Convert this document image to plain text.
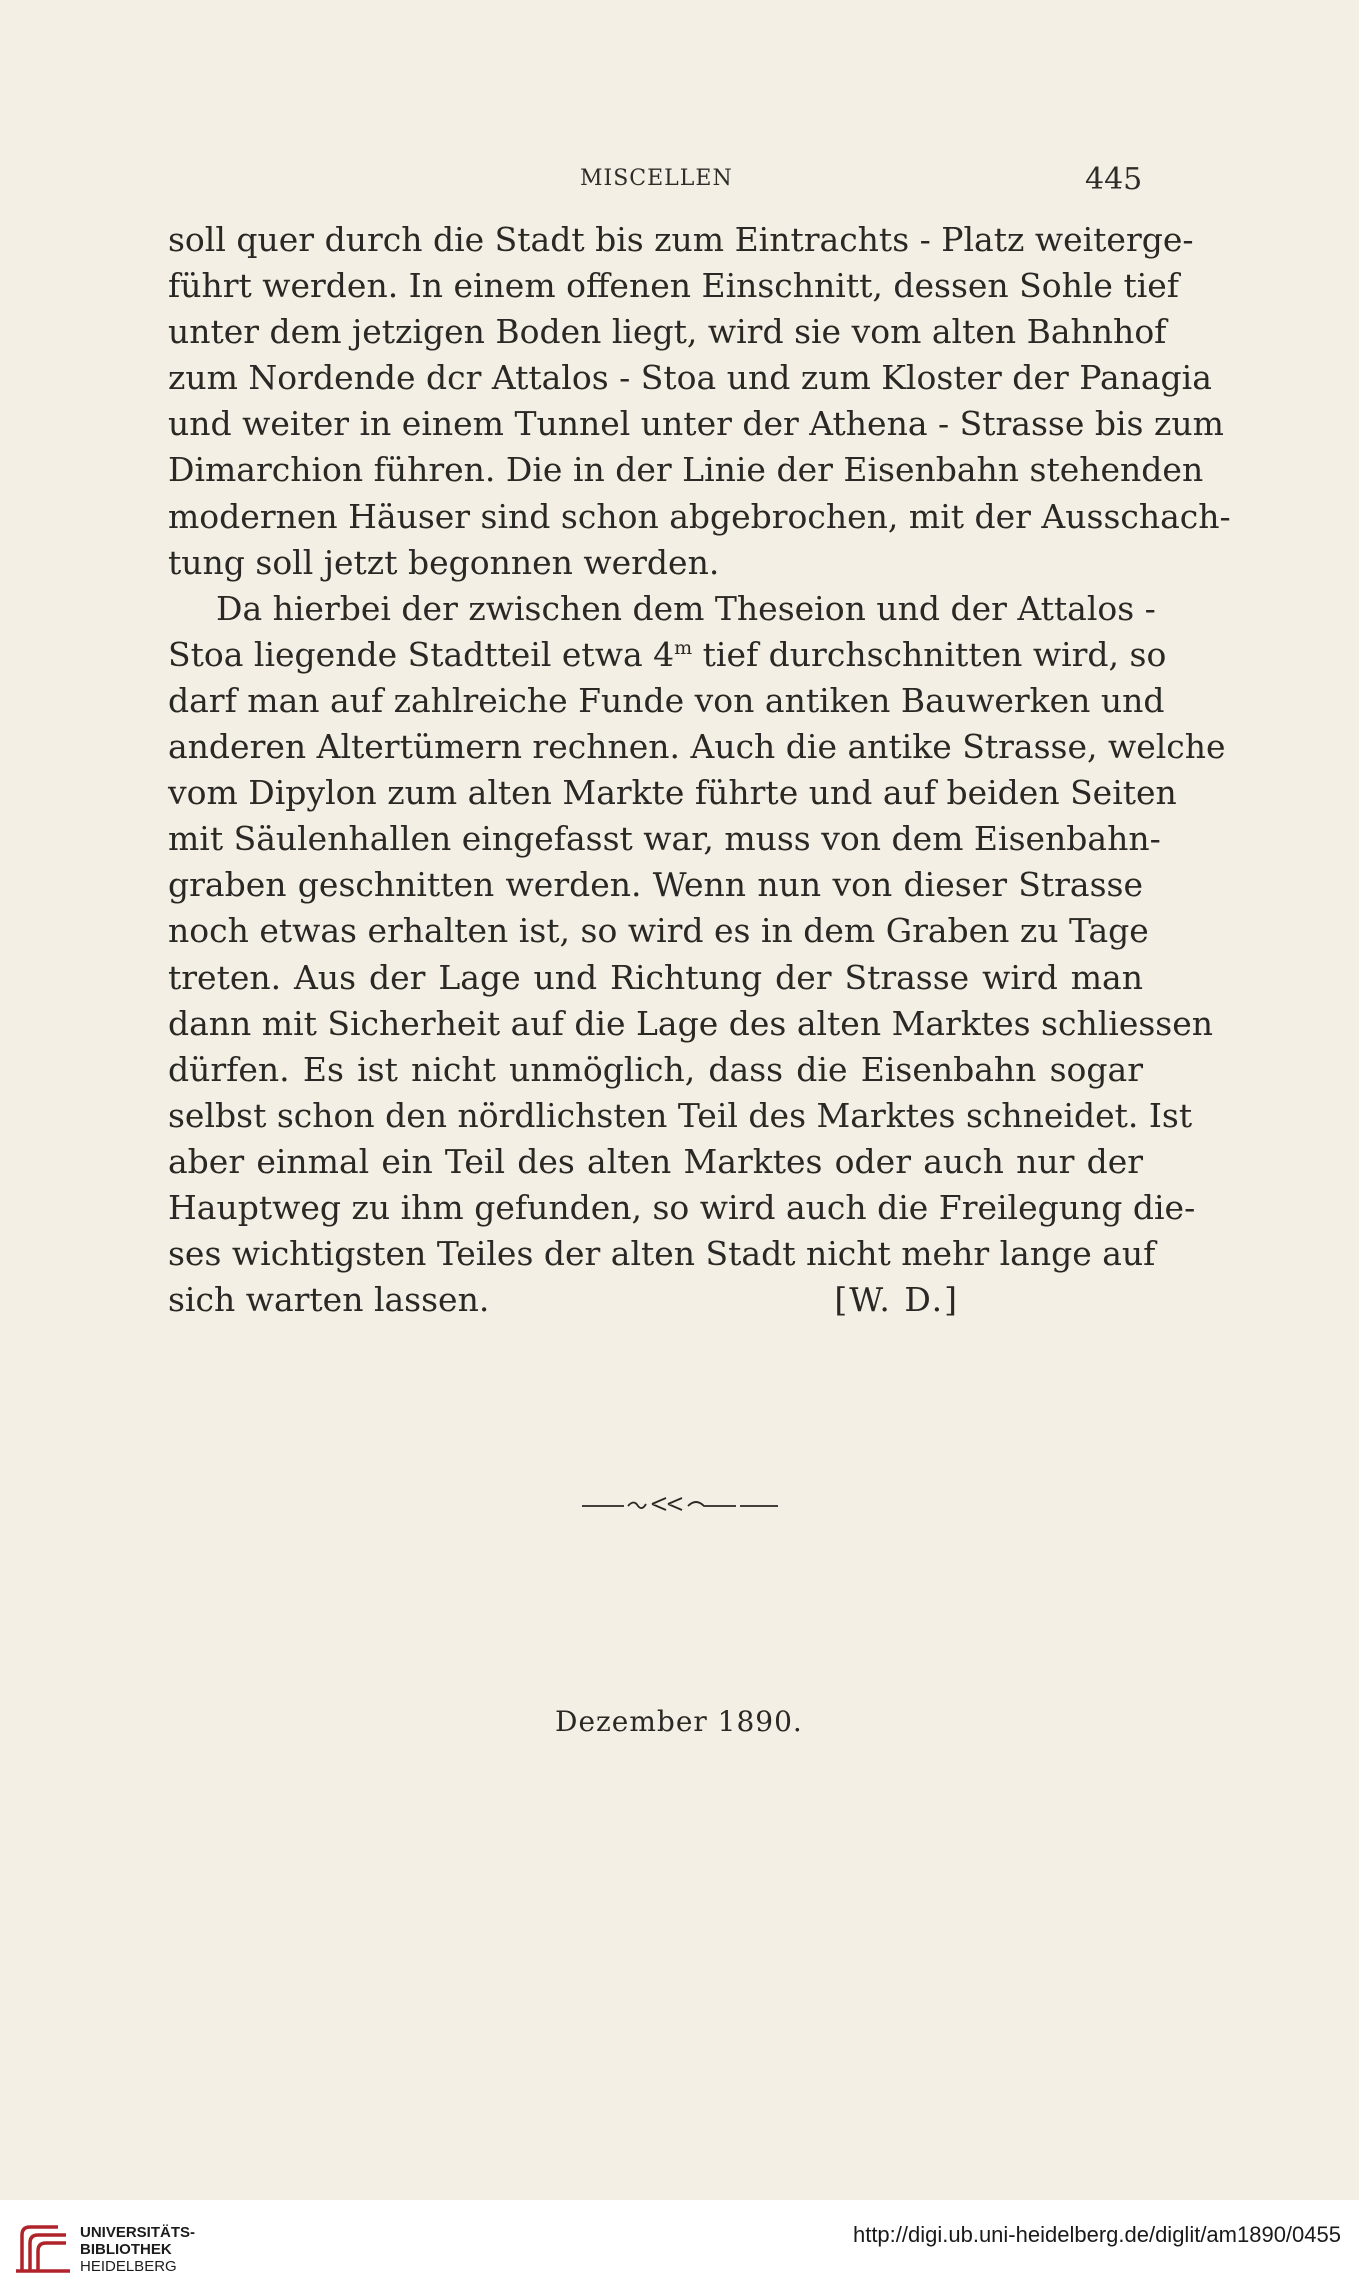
MISCELLEN	445
soll quer durch die Stadt bis zum Eintrachts - Platz weiterge-
führt werden. In einem offenen Einschnitt, dessen Sohle tief
unter dem jetzigen Boden liegt, wird sie vom alten Bahnhof
zum Nordende dcr Attalos - Stoa und zum Kloster der Panagia
und weiter in einem Tunnel unter der Athena - Strasse bis zum
Dimarchion führen. Die in der Linie der Eisenbahn stehenden
modernen Häuser sind schon abgebrochen, mit der Ausschach-
tung soll jetzt begonnen werden.
Da hierbei der zwischen dem Theseion und der Attalos -
Stoa liegende Stadtteil etwa 4$^m$ tief durchschnitten wird, so
darf man auf zahlreiche Funde von antiken Bauwerken und
anderen Altertümern rechnen. Auch die antike Strasse, welche
vom Dipylon zum alten Markte führte und auf beiden Seiten
mit Säulenhallen eingefasst war, muss von dem Eisenbahn-
graben geschnitten werden. Wenn nun von dieser Strasse
noch etwas erhalten ist, so wird es in dem Graben zu Tage
treten. Aus der Lage und Richtung der Strasse wird man
dann mit Sicherheit auf die Lage des alten Marktes schliessen
dürfen. Es ist nicht unmöglich, dass die Eisenbahn sogar
selbst schon den nördlichsten Teil des Marktes schneidet. Ist
aber einmal ein Teil des alten Marktes oder auch nur der
Hauptweg zu ihm gefunden, so wird auch die Freilegung die-
ses wichtigsten Teiles der alten Stadt nicht mehr lange auf
sich warten lassen.	[W. D.]
Dezember 1890.
UNIVERSITÄTS-
BIBLIOTHEK
HEIDELBERG
http://digi.ub.uni-heidelberg.de/diglit/am1890/0455
